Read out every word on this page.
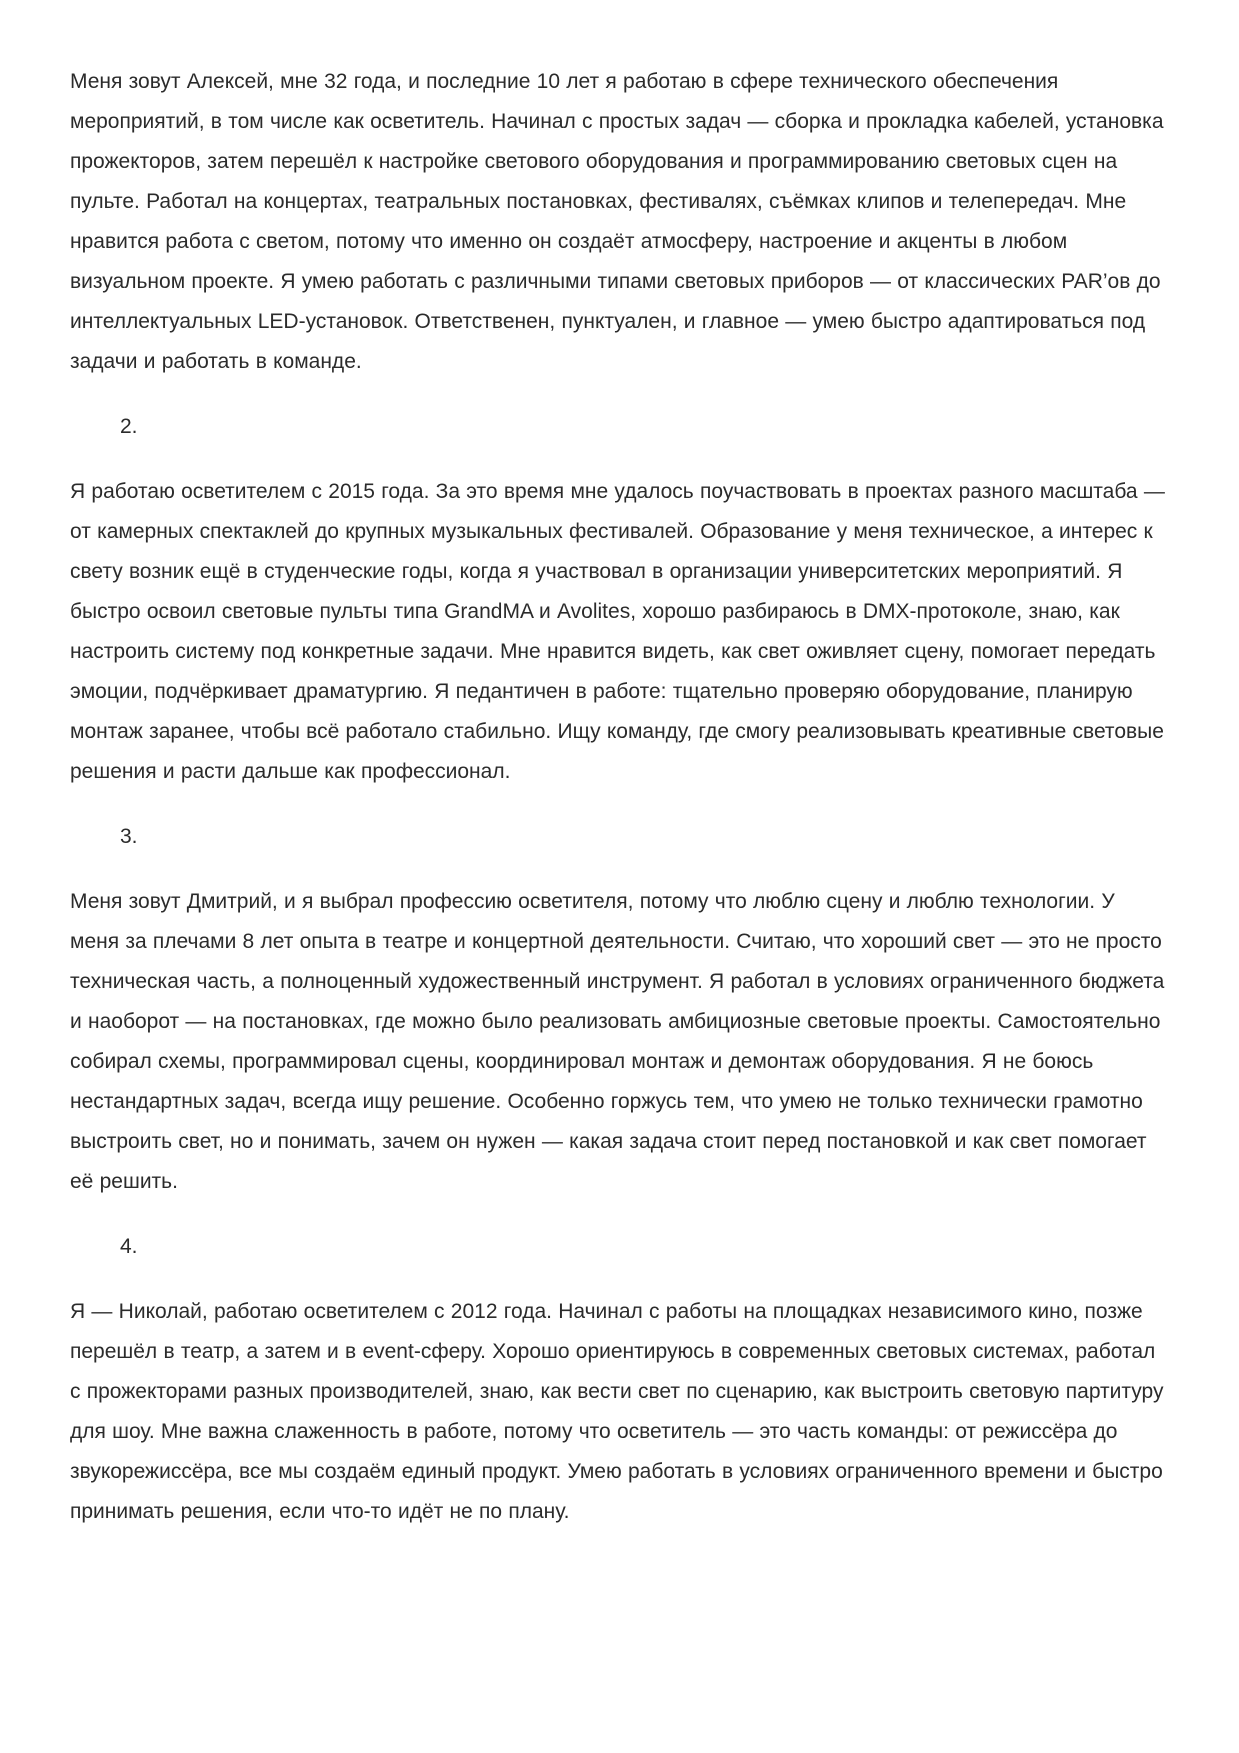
Меня зовут Алексей, мне 32 года, и последние 10 лет я работаю в сфере технического обеспечения мероприятий, в том числе как осветитель. Начинал с простых задач — сборка и прокладка кабелей, установка прожекторов, затем перешёл к настройке светового оборудования и программированию световых сцен на пульте. Работал на концертах, театральных постановках, фестивалях, съёмках клипов и телепередач. Мне нравится работа с светом, потому что именно он создаёт атмосферу, настроение и акценты в любом визуальном проекте. Я умею работать с различными типами световых приборов — от классических PAR’ов до интеллектуальных LED-установок. Ответственен, пунктуален, и главное — умею быстро адаптироваться под задачи и работать в команде.

2.

Я работаю осветителем с 2015 года. За это время мне удалось поучаствовать в проектах разного масштаба — от камерных спектаклей до крупных музыкальных фестивалей. Образование у меня техническое, а интерес к свету возник ещё в студенческие годы, когда я участвовал в организации университетских мероприятий. Я быстро освоил световые пульты типа GrandMA и Avolites, хорошо разбираюсь в DMX-протоколе, знаю, как настроить систему под конкретные задачи. Мне нравится видеть, как свет оживляет сцену, помогает передать эмоции, подчёркивает драматургию. Я педантичен в работе: тщательно проверяю оборудование, планирую монтаж заранее, чтобы всё работало стабильно. Ищу команду, где смогу реализовывать креативные световые решения и расти дальше как профессионал.

3.

Меня зовут Дмитрий, и я выбрал профессию осветителя, потому что люблю сцену и люблю технологии. У меня за плечами 8 лет опыта в театре и концертной деятельности. Считаю, что хороший свет — это не просто техническая часть, а полноценный художественный инструмент. Я работал в условиях ограниченного бюджета и наоборот — на постановках, где можно было реализовать амбициозные световые проекты. Самостоятельно собирал схемы, программировал сцены, координировал монтаж и демонтаж оборудования. Я не боюсь нестандартных задач, всегда ищу решение. Особенно горжусь тем, что умею не только технически грамотно выстроить свет, но и понимать, зачем он нужен — какая задача стоит перед постановкой и как свет помогает её решить.

4.

Я — Николай, работаю осветителем с 2012 года. Начинал с работы на площадках независимого кино, позже перешёл в театр, а затем и в event-сферу. Хорошо ориентируюсь в современных световых системах, работал с прожекторами разных производителей, знаю, как вести свет по сценарию, как выстроить световую партитуру для шоу. Мне важна слаженность в работе, потому что осветитель — это часть команды: от режиссёра до звукорежиссёра, все мы создаём единый продукт. Умею работать в условиях ограниченного времени и быстро принимать решения, если что-то идёт не по плану.
